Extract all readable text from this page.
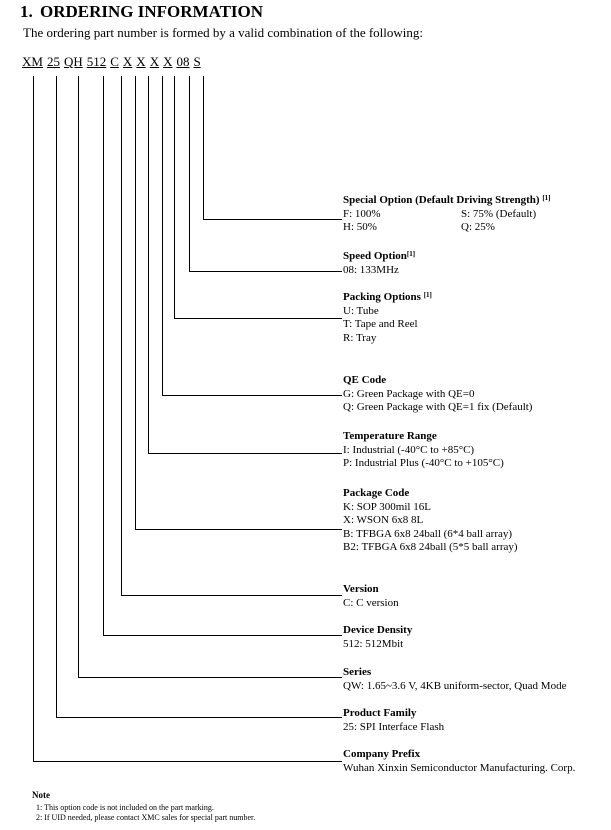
1. ORDERING INFORMATION
The ordering part number is formed by a valid combination of the following:
XM 25 QH 512 C X X X X 08 S
Special Option (Default Driving Strength) [1]
F: 100%	S: 75% (Default)
H: 50%	Q: 25%
Speed Option[1]
08: 133MHz
Packing Options [1]
U: Tube
T: Tape and Reel
R: Tray
QE Code
G: Green Package with QE=0
Q: Green Package with QE=1 fix (Default)
Temperature Range
I: Industrial (-40°C to +85°C)
P: Industrial Plus (-40°C to +105°C)
Package Code
K: SOP 300mil 16L
X: WSON 6x8 8L
B: TFBGA 6x8 24ball (6*4 ball array)
B2: TFBGA 6x8 24ball (5*5 ball array)
Version
C: C version
Device Density
512: 512Mbit
Series
QW: 1.65~3.6 V, 4KB uniform-sector, Quad Mode
Product Family
25: SPI Interface Flash
Company Prefix
Wuhan Xinxin Semiconductor Manufacturing. Corp.
Note
1: This option code is not included on the part marking.
2: If UID needed, please contact XMC sales for special part number.
